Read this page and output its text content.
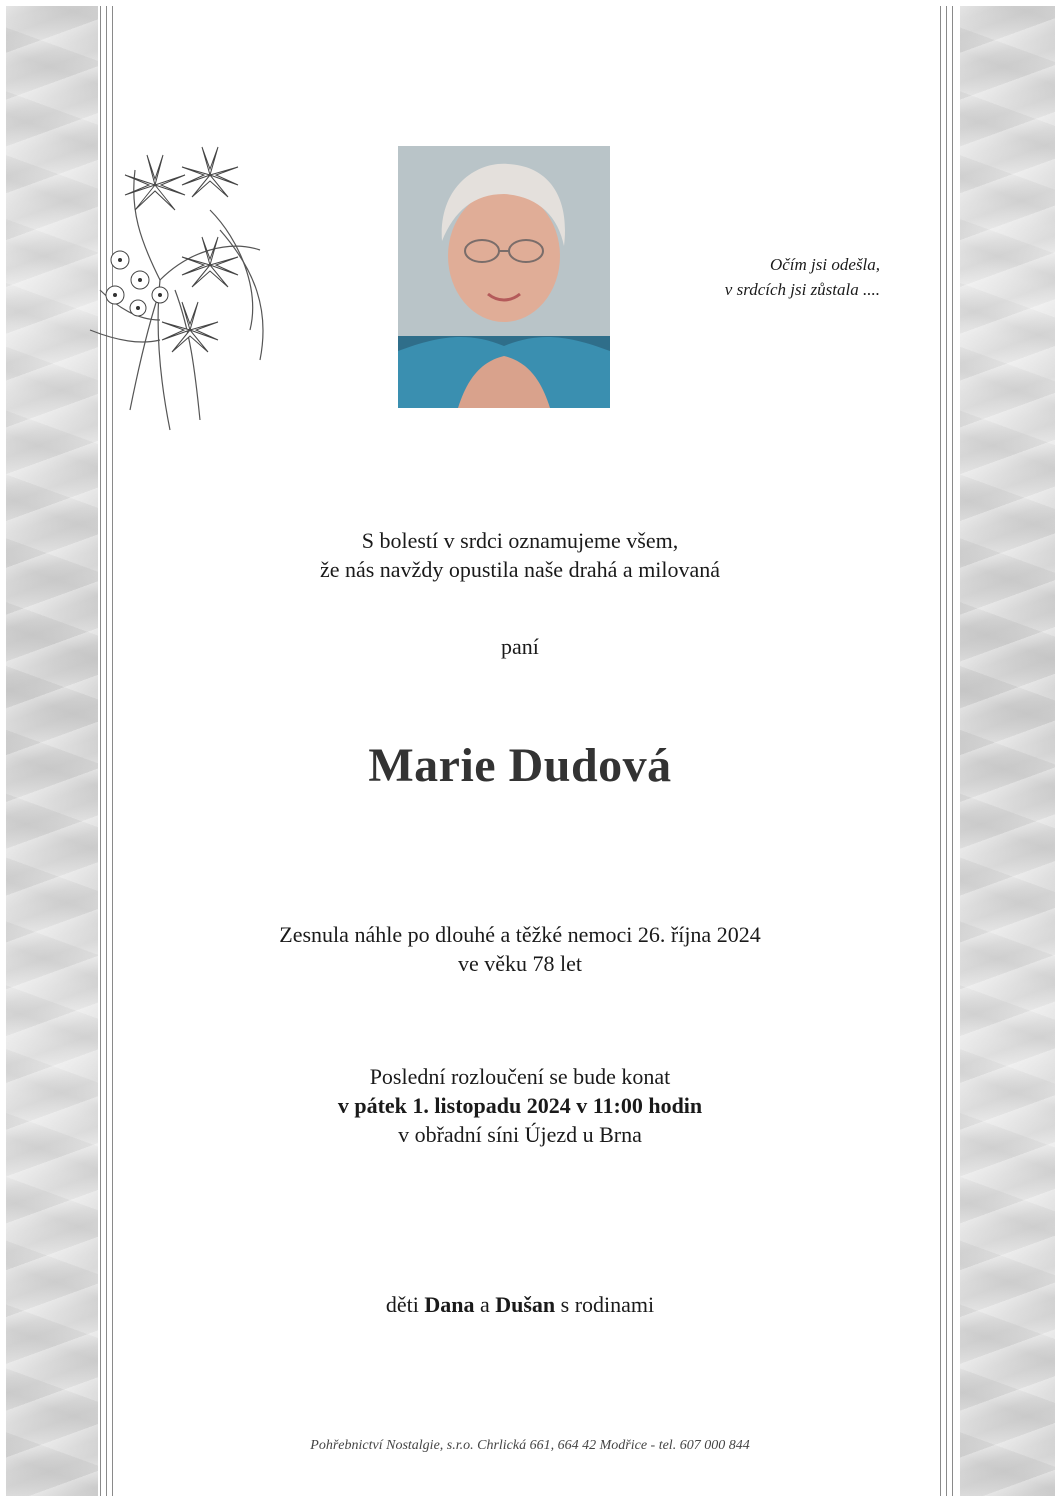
Očím jsi odešla,
v srdcích jsi zůstala ....
S bolestí v srdci oznamujeme všem,
že nás navždy opustila naše drahá a milovaná
paní
Marie Dudová
Zesnula náhle po dlouhé a těžké nemoci 26. října 2024
ve věku 78 let
Poslední rozloučení se bude konat
v pátek 1. listopadu 2024 v 11:00 hodin
v obřadní síni Újezd u Brna
děti Dana a Dušan s rodinami
Pohřebnictví Nostalgie, s.r.o. Chrlická 661, 664 42 Modřice - tel. 607 000 844
